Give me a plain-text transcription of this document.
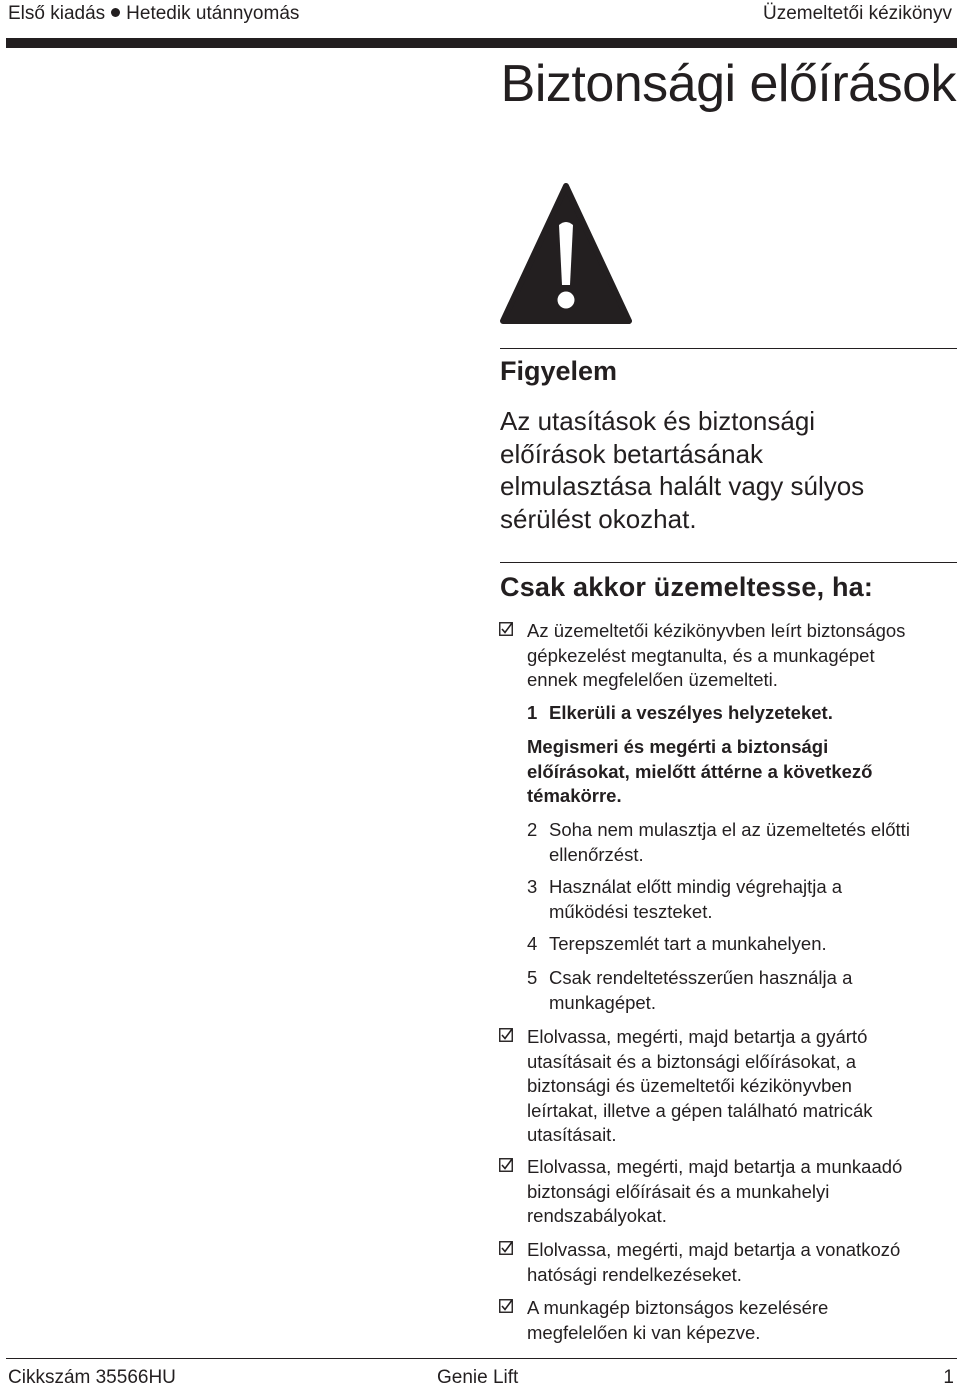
Első kiadás Hetedik utánnyomás	Üzemeltetői kézikönyv
Biztonsági előírások
Figyelem
Az utasítások és biztonsági
előírások betartásának
elmulasztása halált vagy súlyos
sérülést okozhat.
Csak akkor üzemeltesse, ha:
Az üzemeltetői kézikönyvben leírt biztonságos
gépkezelést megtanulta, és a munkagépet
ennek megfelelően üzemelteti.
1 Elkerüli a veszélyes helyzeteket.
Megismeri és megérti a biztonsági
előírásokat, mielőtt áttérne a következő
témakörre.
2 Soha nem mulasztja el az üzemeltetés előtti
ellenőrzést.
3 Használat előtt mindig végrehajtja a
működési teszteket.
4 Terepszemlét tart a munkahelyen.
5 Csak rendeltetésszerűen használja a
munkagépet.
Elolvassa, megérti, majd betartja a gyártó
utasításait és a biztonsági előírásokat, a
biztonsági és üzemeltetői kézikönyvben
leírtakat, illetve a gépen található matricák
utasításait.
Elolvassa, megérti, majd betartja a munkaadó
biztonsági előírásait és a munkahelyi
rendszabályokat.
Elolvassa, megérti, majd betartja a vonatkozó
hatósági rendelkezéseket.
A munkagép biztonságos kezelésére
megfelelően ki van képezve.
Cikkszám 35566HU	Genie Lift	1
